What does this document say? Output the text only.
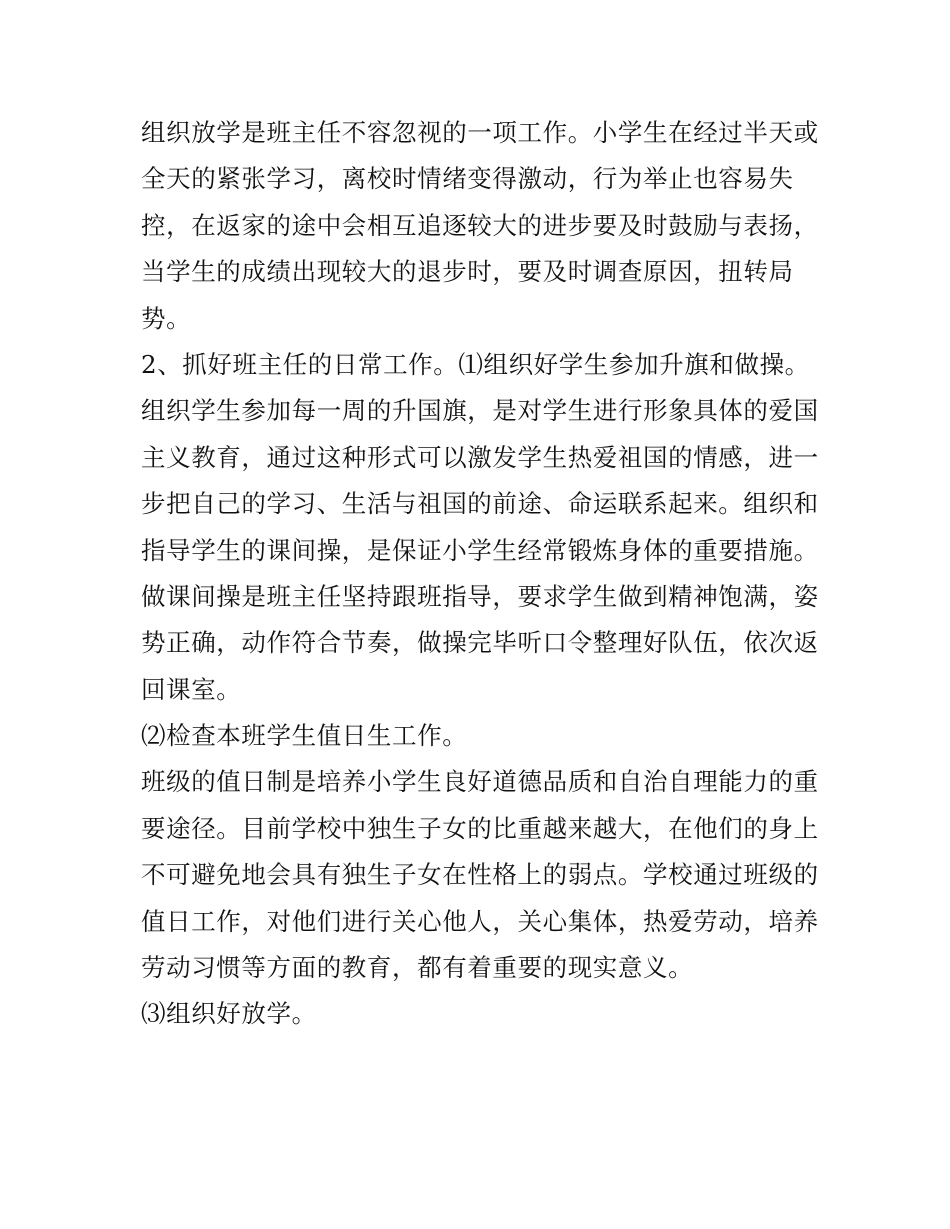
组织放学是班主任不容忽视的一项工作。小学生在经过半天或
全天的紧张学习，离校时情绪变得激动，行为举止也容易失
控，在返家的途中会相互追逐较大的进步要及时鼓励与表扬，
当学生的成绩出现较大的退步时，要及时调查原因，扭转局
势。
2、抓好班主任的日常工作。⑴组织好学生参加升旗和做操。
组织学生参加每一周的升国旗，是对学生进行形象具体的爱国
主义教育，通过这种形式可以激发学生热爱祖国的情感，进一
步把自己的学习、生活与祖国的前途、命运联系起来。组织和
指导学生的课间操，是保证小学生经常锻炼身体的重要措施。
做课间操是班主任坚持跟班指导，要求学生做到精神饱满，姿
势正确，动作符合节奏，做操完毕听口令整理好队伍，依次返
回课室。
⑵检查本班学生值日生工作。
班级的值日制是培养小学生良好道德品质和自治自理能力的重
要途径。目前学校中独生子女的比重越来越大，在他们的身上
不可避免地会具有独生子女在性格上的弱点。学校通过班级的
值日工作，对他们进行关心他人，关心集体，热爱劳动，培养
劳动习惯等方面的教育，都有着重要的现实意义。
⑶组织好放学。
